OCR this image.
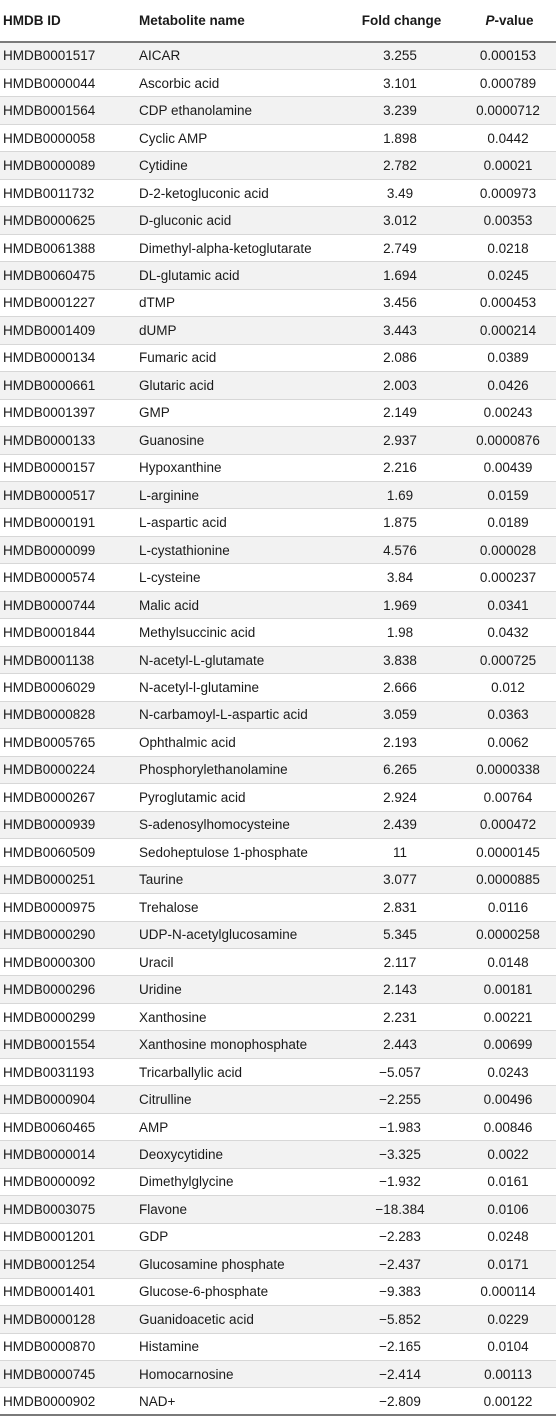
HMDB ID	Metabolite name	Fold change	P-value
HMDB0001517	AICAR	3.255	0.000153
HMDB0000044	Ascorbic acid	3.101	0.000789
HMDB0001564	CDP ethanolamine	3.239	0.0000712
HMDB0000058	Cyclic AMP	1.898	0.0442
HMDB0000089	Cytidine	2.782	0.00021
HMDB0011732	D-2-ketogluconic acid	3.49	0.000973
HMDB0000625	D-gluconic acid	3.012	0.00353
HMDB0061388	Dimethyl-alpha-ketoglutarate	2.749	0.0218
HMDB0060475	DL-glutamic acid	1.694	0.0245
HMDB0001227	dTMP	3.456	0.000453
HMDB0001409	dUMP	3.443	0.000214
HMDB0000134	Fumaric acid	2.086	0.0389
HMDB0000661	Glutaric acid	2.003	0.0426
HMDB0001397	GMP	2.149	0.00243
HMDB0000133	Guanosine	2.937	0.0000876
HMDB0000157	Hypoxanthine	2.216	0.00439
HMDB0000517	L-arginine	1.69	0.0159
HMDB0000191	L-aspartic acid	1.875	0.0189
HMDB0000099	L-cystathionine	4.576	0.000028
HMDB0000574	L-cysteine	3.84	0.000237
HMDB0000744	Malic acid	1.969	0.0341
HMDB0001844	Methylsuccinic acid	1.98	0.0432
HMDB0001138	N-acetyl-L-glutamate	3.838	0.000725
HMDB0006029	N-acetyl-l-glutamine	2.666	0.012
HMDB0000828	N-carbamoyl-L-aspartic acid	3.059	0.0363
HMDB0005765	Ophthalmic acid	2.193	0.0062
HMDB0000224	Phosphorylethanolamine	6.265	0.0000338
HMDB0000267	Pyroglutamic acid	2.924	0.00764
HMDB0000939	S-adenosylhomocysteine	2.439	0.000472
HMDB0060509	Sedoheptulose 1-phosphate	11	0.0000145
HMDB0000251	Taurine	3.077	0.0000885
HMDB0000975	Trehalose	2.831	0.0116
HMDB0000290	UDP-N-acetylglucosamine	5.345	0.0000258
HMDB0000300	Uracil	2.117	0.0148
HMDB0000296	Uridine	2.143	0.00181
HMDB0000299	Xanthosine	2.231	0.00221
HMDB0001554	Xanthosine monophosphate	2.443	0.00699
HMDB0031193	Tricarballylic acid	−5.057	0.0243
HMDB0000904	Citrulline	−2.255	0.00496
HMDB0060465	AMP	−1.983	0.00846
HMDB0000014	Deoxycytidine	−3.325	0.0022
HMDB0000092	Dimethylglycine	−1.932	0.0161
HMDB0003075	Flavone	−18.384	0.0106
HMDB0001201	GDP	−2.283	0.0248
HMDB0001254	Glucosamine phosphate	−2.437	0.0171
HMDB0001401	Glucose-6-phosphate	−9.383	0.000114
HMDB0000128	Guanidoacetic acid	−5.852	0.0229
HMDB0000870	Histamine	−2.165	0.0104
HMDB0000745	Homocarnosine	−2.414	0.00113
HMDB0000902	NAD+	−2.809	0.00122
